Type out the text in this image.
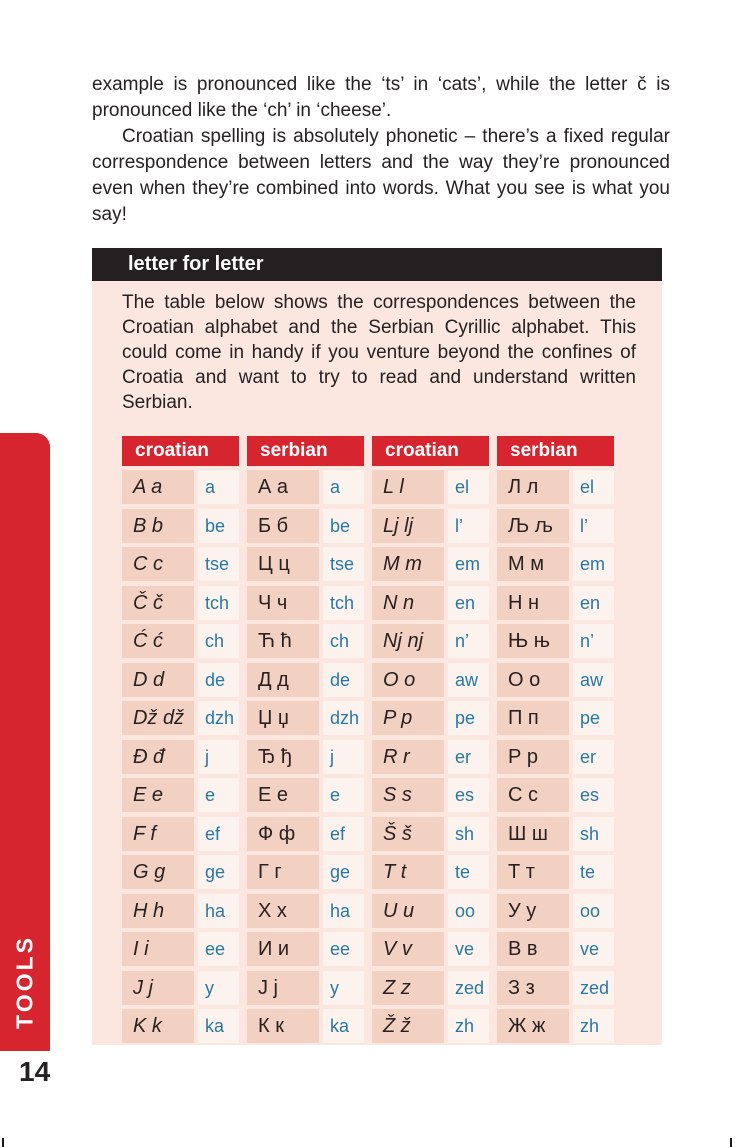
example is pronounced like the ‘ts’ in ‘cats’, while the letter č is pronounced like the ‘ch’ in ‘cheese’.

Croatian spelling is absolutely phonetic – there’s a fixed regular correspondence between letters and the way they’re pronounced even when they’re combined into words. What you see is what you say!

letter for letter

The table below shows the correspondences between the Croatian alphabet and the Serbian Cyrillic alphabet. This could come in handy if you venture beyond the confines of Croatia and want to try to read and understand written Serbian.

croatian	serbian	croatian	serbian
A a	a	А а	a	L l	el	Л л	el
B b	be	Б б	be	Lj lj	l’	Љ љ	l’
C c	tse	Ц ц	tse	M m	em	М м	em
Č č	tch	Ч ч	tch	N n	en	Н н	en
Ć ć	ch	Ћ ћ	ch	Nj nj	n’	Њ њ	n’
D d	de	Д д	de	O o	aw	О о	aw
Dž dž	dzh	Џ џ	dzh	P p	pe	П п	pe
Đ đ	j	Ђ ђ	j	R r	er	Р р	er
E e	e	Е е	e	S s	es	С с	es
F f	ef	Ф ф	ef	Š š	sh	Ш ш	sh
G g	ge	Г г	ge	T t	te	Т т	te
H h	ha	Х х	ha	U u	oo	У у	oo
I i	ee	И и	ee	V v	ve	В в	ve
J j	y	Ј ј	y	Z z	zed	З з	zed
K k	ka	К к	ka	Ž ž	zh	Ж ж	zh
TOOLS
14
